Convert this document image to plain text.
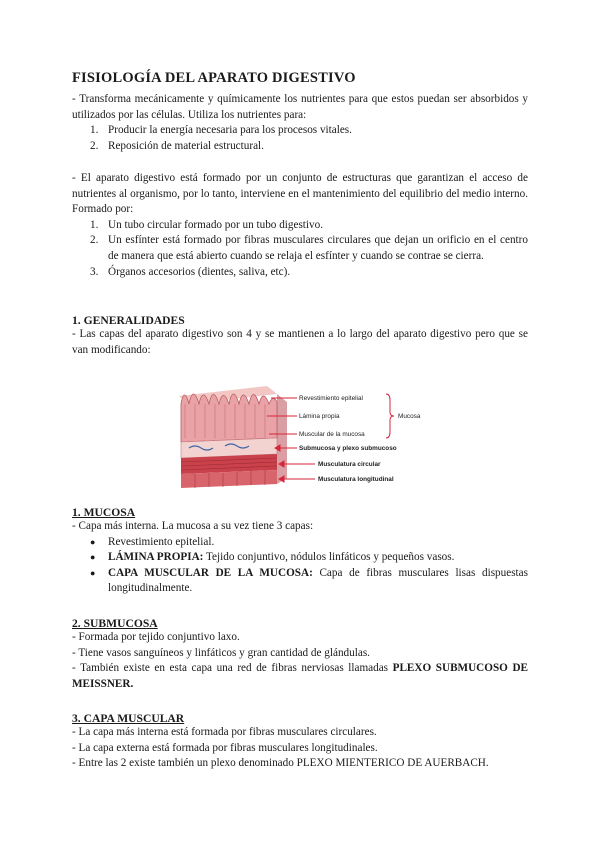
FISIOLOGÍA DEL APARATO DIGESTIVO

- Transforma mecánicamente y químicamente los nutrientes para que estos puedan ser absorbidos y utilizados por las células. Utiliza los nutrientes para:

1. Producir la energía necesaria para los procesos vitales.
2. Reposición de material estructural.

- El aparato digestivo está formado por un conjunto de estructuras que garantizan el acceso de nutrientes al organismo, por lo tanto, interviene en el mantenimiento del equilibrio del medio interno. Formado por:

1. Un tubo circular formado por un tubo digestivo.
2. Un esfínter está formado por fibras musculares circulares que dejan un orificio en el centro de manera que está abierto cuando se relaja el esfínter y cuando se contrae se cierra.
3. Órganos accesorios (dientes, saliva, etc).
1. GENERALIDADES

- Las capas del aparato digestivo son 4 y se mantienen a lo largo del aparato digestivo pero que se van modificando:

Revestimiento epitelial
Lámina propia
Muscular de la mucosa
Mucosa
Submucosa y plexo submucoso
Musculatura circular
Musculatura longitudinal
1. MUCOSA

- Capa más interna. La mucosa a su vez tiene 3 capas:

● Revestimiento epitelial.
● LÁMINA PROPIA: Tejido conjuntivo, nódulos linfáticos y pequeños vasos.
● CAPA MUSCULAR DE LA MUCOSA: Capa de fibras musculares lisas dispuestas longitudinalmente.
2. SUBMUCOSA

- Formada por tejido conjuntivo laxo.

- Tiene vasos sanguíneos y linfáticos y gran cantidad de glándulas.

- También existe en esta capa una red de fibras nerviosas llamadas PLEXO SUBMUCOSO DE MEISSNER.

3. CAPA MUSCULAR

- La capa más interna está formada por fibras musculares circulares.

- La capa externa está formada por fibras musculares longitudinales.

- Entre las 2 existe también un plexo denominado PLEXO MIENTERICO DE AUERBACH.
